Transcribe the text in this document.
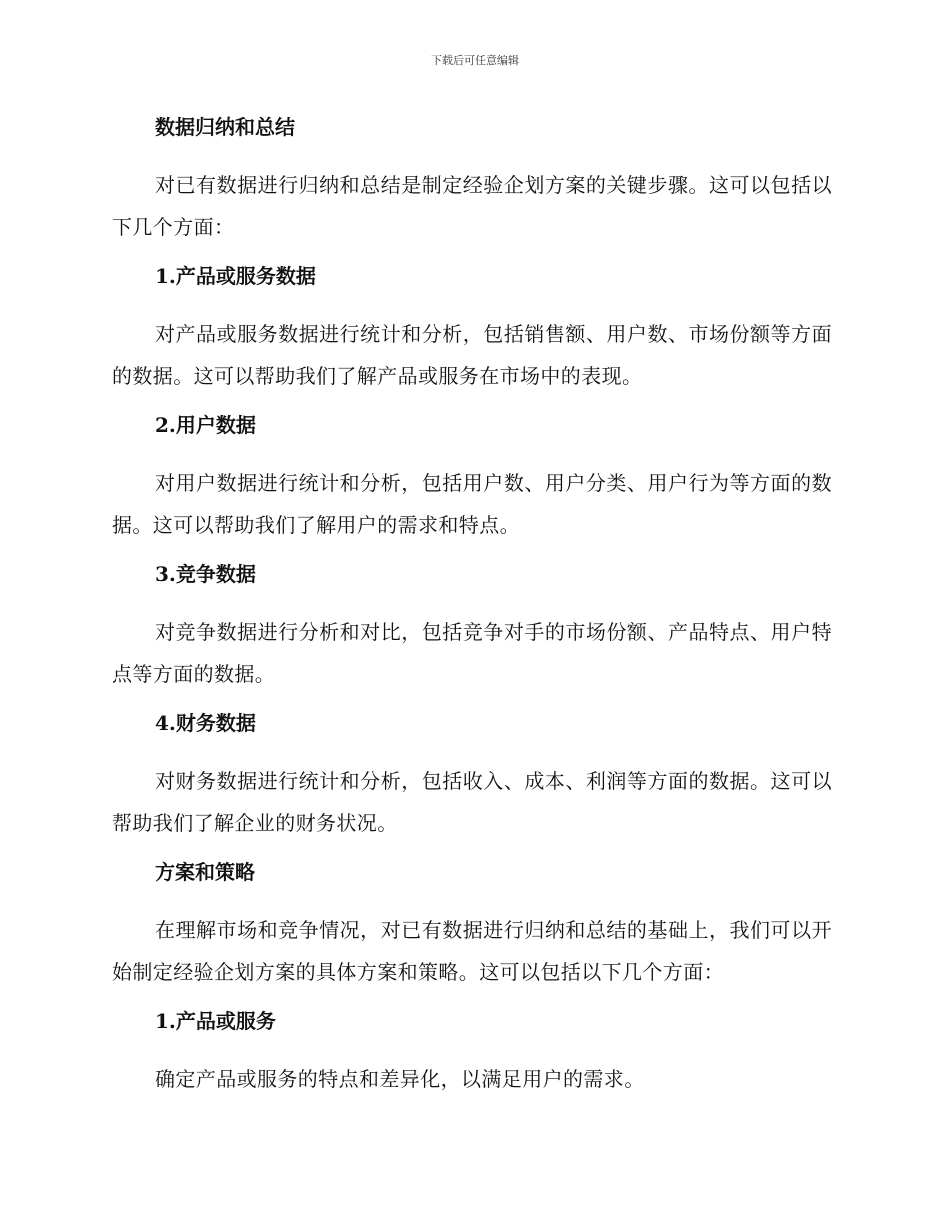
下载后可任意编辑
数据归纳和总结
对已有数据进行归纳和总结是制定经验企划方案的关键步骤。这可以包括以下几个方面：
1.产品或服务数据
对产品或服务数据进行统计和分析，包括销售额、用户数、市场份额等方面的数据。这可以帮助我们了解产品或服务在市场中的表现。
2.用户数据
对用户数据进行统计和分析，包括用户数、用户分类、用户行为等方面的数据。这可以帮助我们了解用户的需求和特点。
3.竞争数据
对竞争数据进行分析和对比，包括竞争对手的市场份额、产品特点、用户特点等方面的数据。
4.财务数据
对财务数据进行统计和分析，包括收入、成本、利润等方面的数据。这可以帮助我们了解企业的财务状况。
方案和策略
在理解市场和竞争情况，对已有数据进行归纳和总结的基础上，我们可以开始制定经验企划方案的具体方案和策略。这可以包括以下几个方面：
1.产品或服务
确定产品或服务的特点和差异化，以满足用户的需求。
